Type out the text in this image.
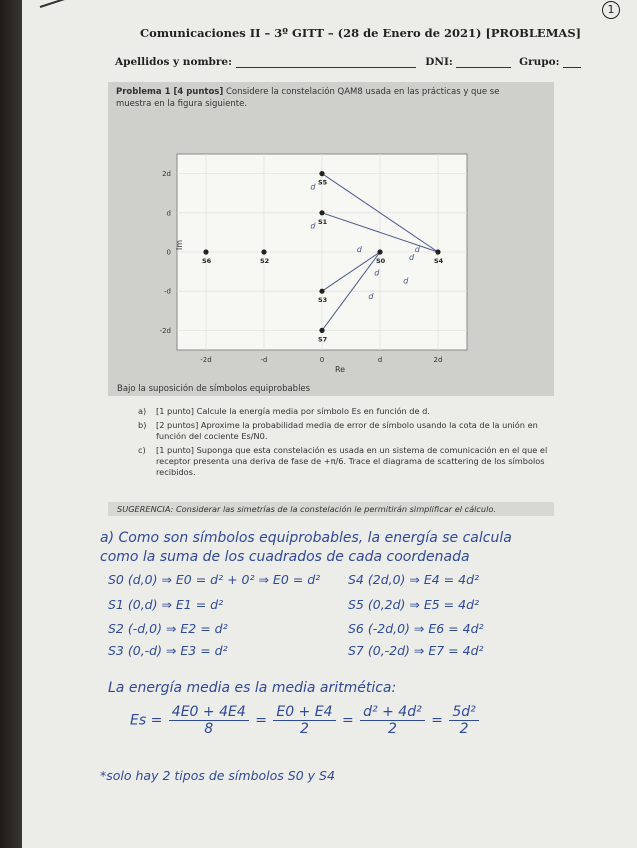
1
Comunicaciones II – 3º GITT – (28 de Enero de 2021) [PROBLEMAS]
Apellidos y nombre:	DNI:	Grupo:
Problema 1 [4 puntos] Considere la constelación QAM8 usada en las prácticas y que se muestra en la figura siguiente.
S0
S1
S2
S3
S4
S5
S6
S7
-2d	-d	0	d	2d
2d
d
0
-d
-2d
d
d
d	d
d
d
d
d
Re
Im
Bajo la suposición de símbolos equiprobables
a) [1 punto] Calcule la energía media por símbolo Es en función de d.
b) [2 puntos] Aproxime la probabilidad media de error de símbolo usando la cota de la unión en función del cociente Es/N0.
c) [1 punto] Suponga que esta constelación es usada en un sistema de comunicación en el que el receptor presenta una deriva de fase de +π/6. Trace el diagrama de scattering de los símbolos recibidos.
SUGERENCIA: Considerar las simetrías de la constelación le permitirán simplificar el cálculo.
a) Como son símbolos equiprobables, la energía se calcula
como la suma de los cuadrados de cada coordenada
S0 (d,0) ⇒ E0 = d² + 0² ⇒ E0 = d²
S1 (0,d) ⇒ E1 = d²
S2 (-d,0) ⇒ E2 = d²
S3 (0,-d) ⇒ E3 = d²
S4 (2d,0) ⇒ E4 = 4d²
S5 (0,2d) ⇒ E5 = 4d²
S6 (-2d,0) ⇒ E6 = 4d²
S7 (0,-2d) ⇒ E7 = 4d²
La energía media es la media aritmética:
$Es = \frac{4E0 + 4E4}{8} = \frac{E0 + E4}{2} = \frac{\text{d² + 4d²}}{2} = \frac{\text{5d²}}{2}$
*solo hay 2 tipos de símbolos S0 y S4
